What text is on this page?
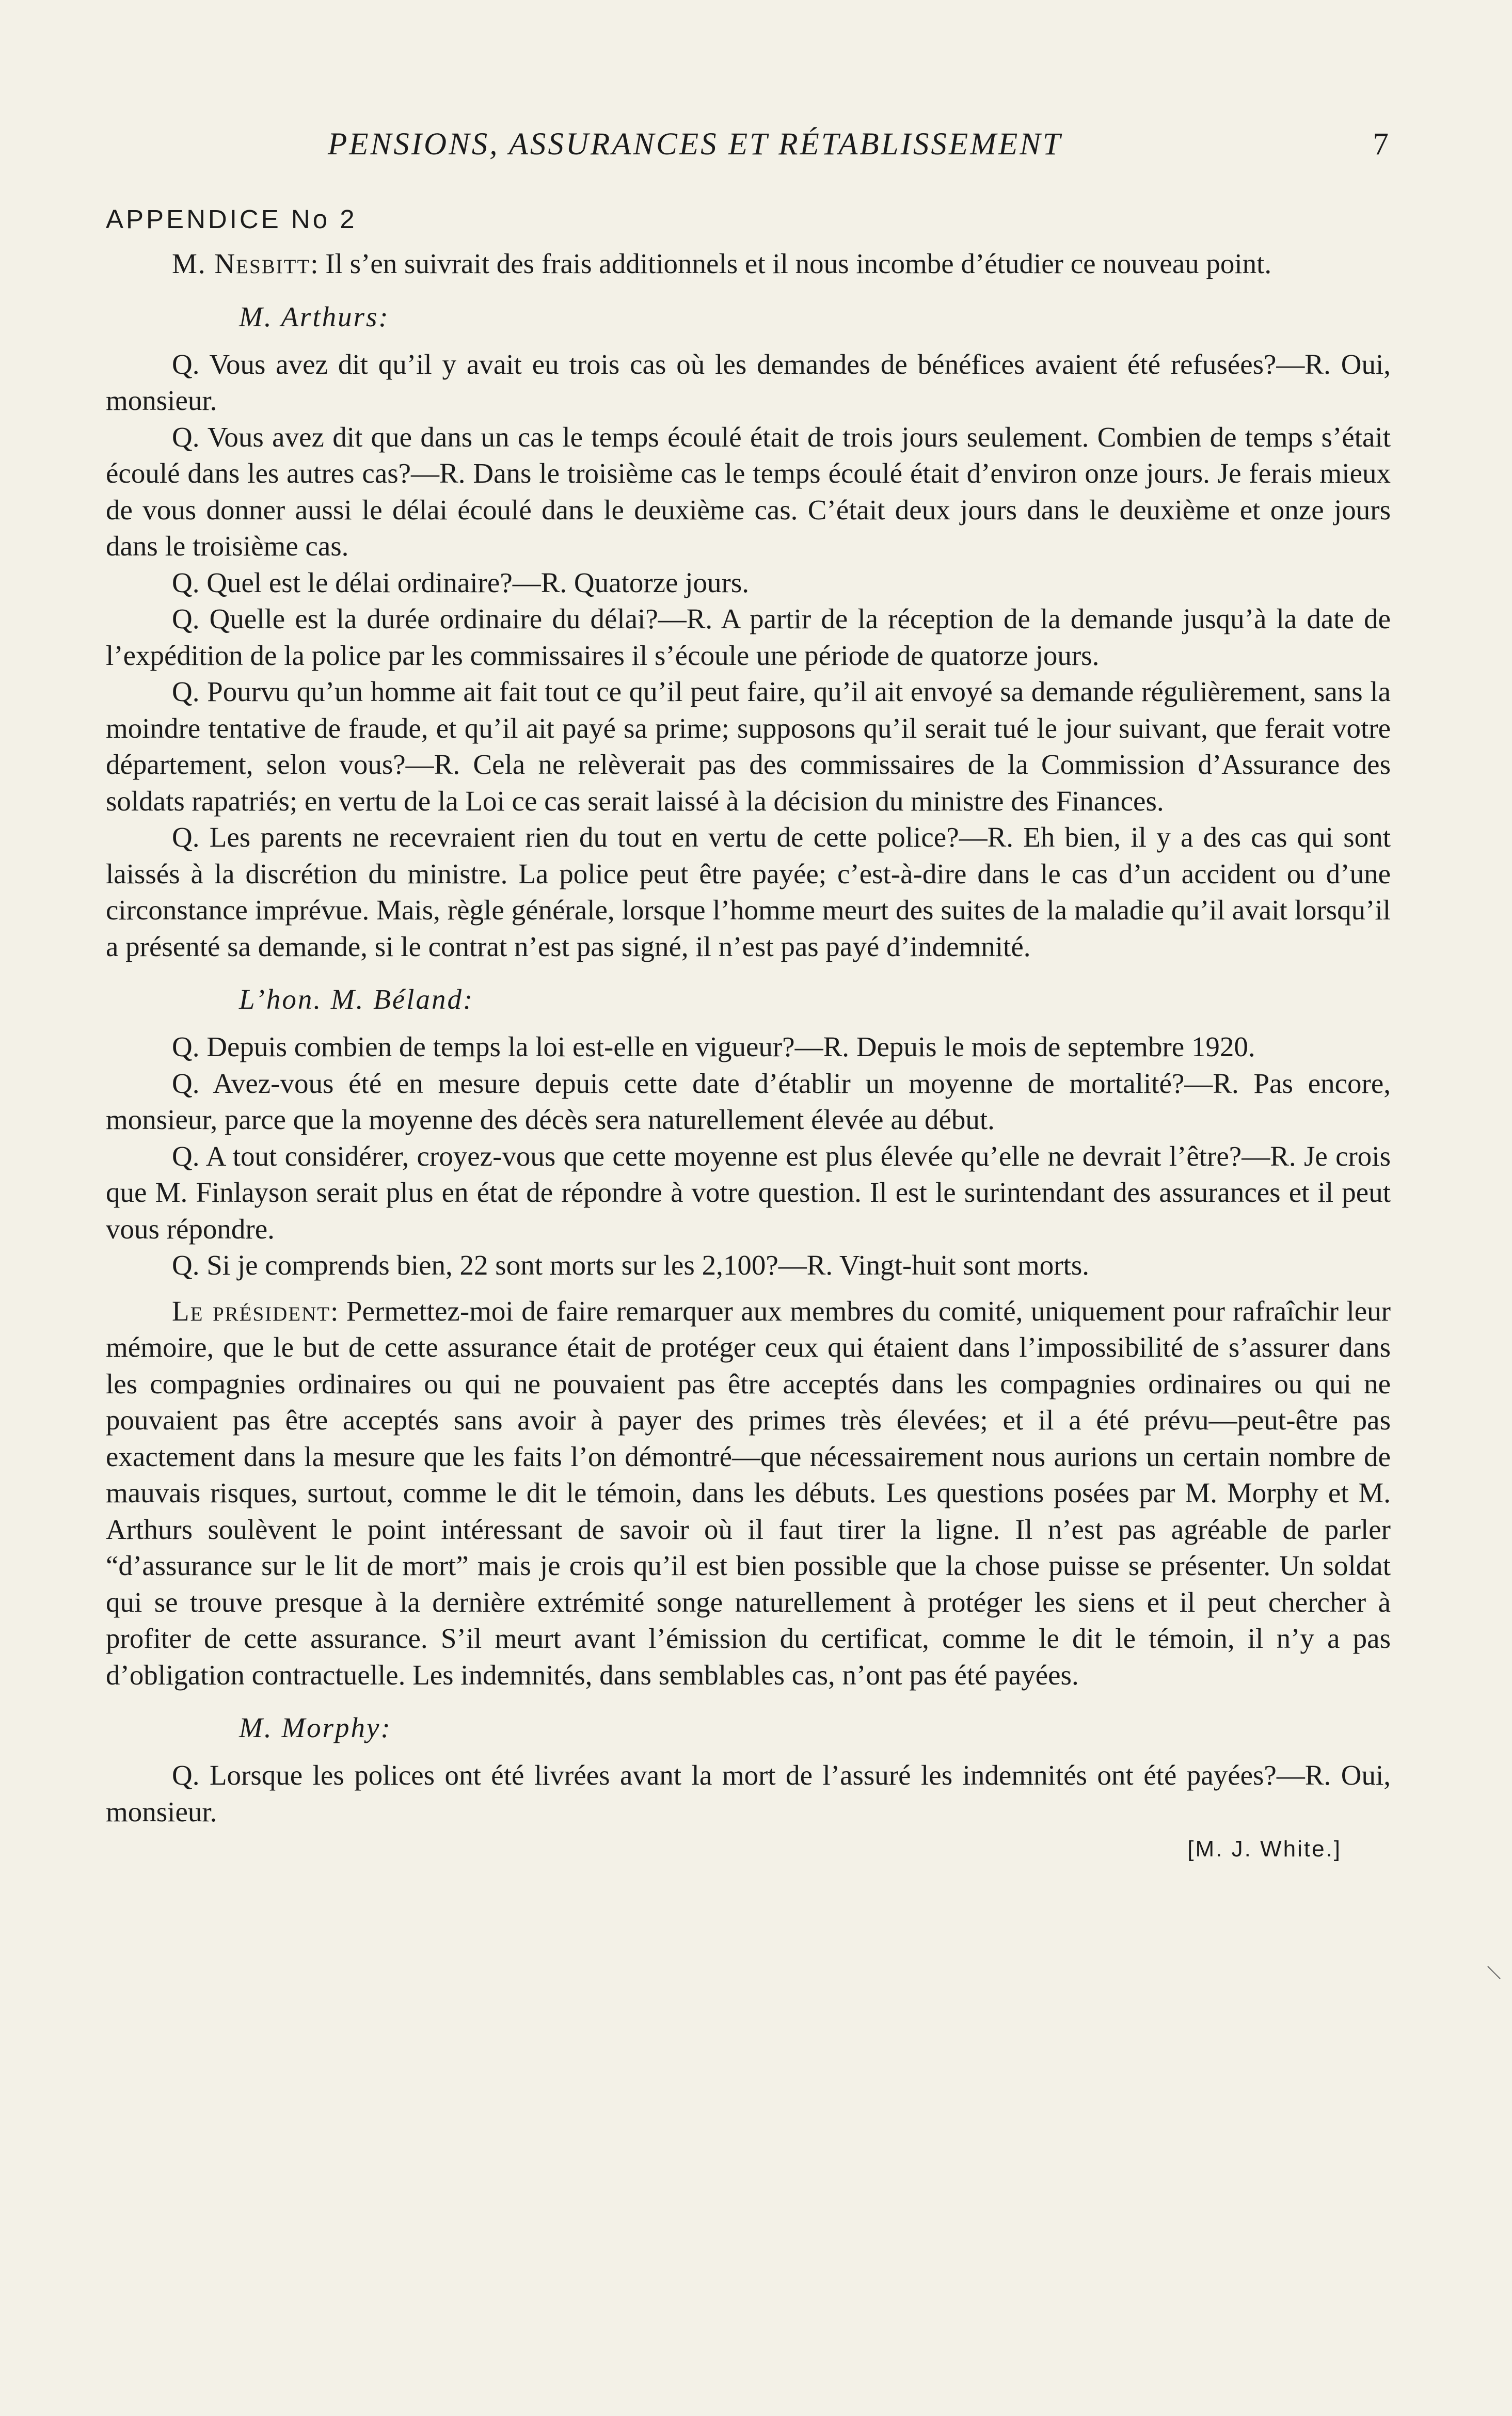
PENSIONS, ASSURANCES ET RÉTABLISSEMENT	7
APPENDICE No 2

M. Nesbitt: Il s’en suivrait des frais additionnels et il nous incombe d’étudier ce nouveau point.

M. Arthurs:

Q. Vous avez dit qu’il y avait eu trois cas où les demandes de bénéfices avaient été refusées?—R. Oui, monsieur.

Q. Vous avez dit que dans un cas le temps écoulé était de trois jours seulement. Combien de temps s’était écoulé dans les autres cas?—R. Dans le troisième cas le temps écoulé était d’environ onze jours. Je ferais mieux de vous donner aussi le délai écoulé dans le deuxième cas. C’était deux jours dans le deuxième et onze jours dans le troisième cas.

Q. Quel est le délai ordinaire?—R. Quatorze jours.

Q. Quelle est la durée ordinaire du délai?—R. A partir de la réception de la demande jusqu’à la date de l’expédition de la police par les commissaires il s’écoule une période de quatorze jours.

Q. Pourvu qu’un homme ait fait tout ce qu’il peut faire, qu’il ait envoyé sa demande régulièrement, sans la moindre tentative de fraude, et qu’il ait payé sa prime; supposons qu’il serait tué le jour suivant, que ferait votre département, selon vous?—R. Cela ne relèverait pas des commissaires de la Commission d’Assurance des soldats rapatriés; en vertu de la Loi ce cas serait laissé à la décision du ministre des Finances.

Q. Les parents ne recevraient rien du tout en vertu de cette police?—R. Eh bien, il y a des cas qui sont laissés à la discrétion du ministre. La police peut être payée; c’est-à-dire dans le cas d’un accident ou d’une circonstance imprévue. Mais, règle générale, lorsque l’homme meurt des suites de la maladie qu’il avait lorsqu’il a présenté sa demande, si le contrat n’est pas signé, il n’est pas payé d’indemnité.

L’hon. M. Béland:

Q. Depuis combien de temps la loi est-elle en vigueur?—R. Depuis le mois de septembre 1920.

Q. Avez-vous été en mesure depuis cette date d’établir un moyenne de mortalité?—R. Pas encore, monsieur, parce que la moyenne des décès sera naturellement élevée au début.

Q. A tout considérer, croyez-vous que cette moyenne est plus élevée qu’elle ne devrait l’être?—R. Je crois que M. Finlayson serait plus en état de répondre à votre question. Il est le surintendant des assurances et il peut vous répondre.

Q. Si je comprends bien, 22 sont morts sur les 2,100?—R. Vingt-huit sont morts.

Le président: Permettez-moi de faire remarquer aux membres du comité, uniquement pour rafraîchir leur mémoire, que le but de cette assurance était de protéger ceux qui étaient dans l’impossibilité de s’assurer dans les compagnies ordinaires ou qui ne pouvaient pas être acceptés dans les compagnies ordinaires ou qui ne pouvaient pas être acceptés sans avoir à payer des primes très élevées; et il a été prévu—peut-être pas exactement dans la mesure que les faits l’on démontré—que nécessairement nous aurions un certain nombre de mauvais risques, surtout, comme le dit le témoin, dans les débuts. Les questions posées par M. Morphy et M. Arthurs soulèvent le point intéressant de savoir où il faut tirer la ligne. Il n’est pas agréable de parler “d’assurance sur le lit de mort” mais je crois qu’il est bien possible que la chose puisse se présenter. Un soldat qui se trouve presque à la dernière extrémité songe naturellement à protéger les siens et il peut chercher à profiter de cette assurance. S’il meurt avant l’émission du certificat, comme le dit le témoin, il n’y a pas d’obligation contractuelle. Les indemnités, dans semblables cas, n’ont pas été payées.

M. Morphy:

Q. Lorsque les polices ont été livrées avant la mort de l’assuré les indemnités ont été payées?—R. Oui, monsieur.

[M. J. White.]
